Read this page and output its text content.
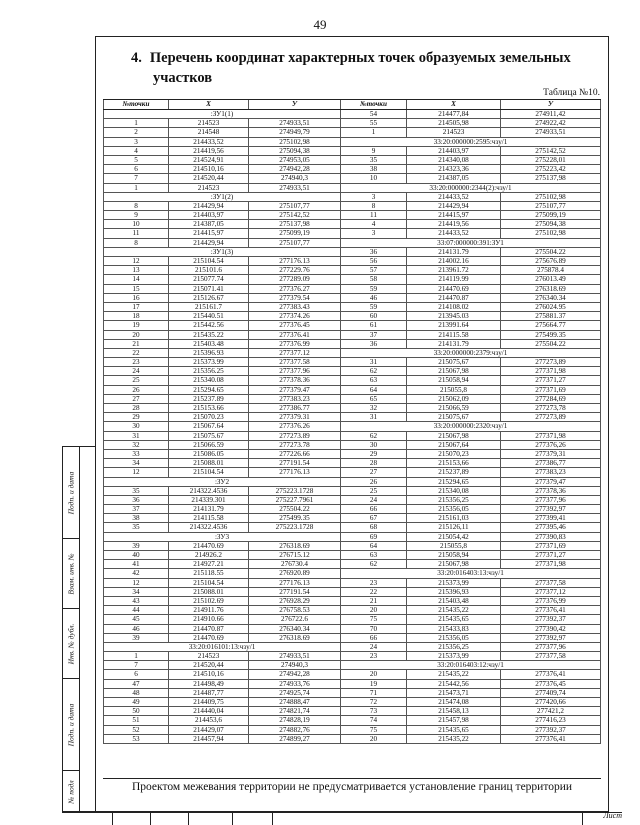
49
4. Перечень координат характерных точек образуемых земельных
участков
Таблица №10.
№точки	X	У	№точки	X	У
:ЗУ1(1)	54	214477,84	274911,42
1	214523	274933,51	55	214505,98	274922,42
2	214548	274949,79	1	214523	274933,51
3	214433,52	275102,98	33:20:000000:2595:чзу/1
4	214419,56	275094,38	9	214403,97	275142,52
5	214524,91	274953,05	35	214340,08	275228,01
6	214510,16	274942,28	38	214323,36	275223,42
7	214520,44	274940,3	10	214387,05	275137,98
1	214523	274933,51	33:20:000000:2344(2):чзу/1
:ЗУ1(2)	3	214433,52	275102,98
8	214429,94	275107,77	8	214429,94	275107,77
9	214403,97	275142,52	11	214415,97	275099,19
10	214387,05	275137,98	4	214419,56	275094,38
11	214415,97	275099,19	3	214433,52	275102,98
8	214429,94	275107,77	33:07:000000:391:ЗУ1
:ЗУ1(3)	36	214131.79	275504.22
12	215104.54	277176.13	56	214002.16	275676.89
13	215101.6	277229.76	57	213961.72	275878.4
14	215077.74	277289.09	58	214119.99	276013.49
15	215071.41	277376.27	59	214470.69	276318.69
16	215126.67	277379.54	46	214470.87	276340.34
17	215161.7	277383.43	59	214108.02	276024.95
18	215440.51	277374.26	60	213945.03	275881.37
19	215442.56	277376.45	61	213991.64	275664.77
20	215435.22	277376.41	37	214115.58	275499.35
21	215403.48	277376.99	36	214131.79	275504.22
22	215396.93	277377.12	33:20:000000:2379:чзу/1
23	215373.99	277377.58	31	215075,67	277273,89
24	215356.25	277377.96	62	215067,98	277371,98
25	215340.08	277378.36	63	215058,94	277371,27
26	215294.65	277379.47	64	215055,8	277371,69
27	215237.89	277383.23	65	215062,09	277284,69
28	215153.66	277386.77	32	215066,59	277273,78
29	215070.23	277379.31	31	215075,67	277273,89
30	215067.64	277376.26	33:20:000000:2320:чзу/1
31	215075.67	277273.89	62	215067,98	277371,98
32	215066.59	277273.78	30	215067,64	277376,26
33	215086.05	277226.66	29	215070,23	277379,31
34	215088.01	277191.54	28	215153,66	277386,77
12	215104.54	277176.13	27	215237,89	277383,23
:ЗУ2	26	215294,65	277379,47
35	214322.4536	275223.1728	25	215340,08	277378,36
36	214339.301	275227.7961	24	215356,25	277377,96
37	214131.79	275504.22	66	215356,05	277392,97
38	214115.58	275499.35	67	215161,03	277399,41
35	214322.4536	275223.1728	68	215126,11	277395,46
:ЗУ3	69	215054,42	277390,83
39	214470.69	276318.69	64	215055,8	277371,69
40	214926.2	276715.12	63	215058,94	277371,27
41	214927.21	276730.4	62	215067,98	277371,98
42	215118.55	276920.89	33:20:016403:13:чзу/1
12	215104.54	277176.13	23	215373,99	277377,58
34	215088.01	277191.54	22	215396,93	277377,12
43	215102.69	276928.29	21	215403,48	277376,99
44	214911.76	276758.53	20	215435,22	277376,41
45	214910.66	276722.6	75	215435,65	277392,37
46	214470.87	276340.34	70	215433,83	277390,42
39	214470.69	276318.69	66	215356,05	277392,97
33:20:016101:13:чзу/1	24	215356,25	277377,96
1	214523	274933,51	23	215373,99	277377,58
7	214520,44	274940,3	33:20:016403:12:чзу/1
6	214510,16	274942,28	20	215435,22	277376,41
47	214498,49	274933,76	19	215442,56	277376,45
48	214487,77	274925,74	71	215473,71	277409,74
49	214409,75	274888,47	72	215474,08	277420,66
50	214440,04	274821,74	73	215458,13	277421,2
51	214453,6	274828,19	74	215457,98	277416,23
52	214429,07	274882,76	75	215435,65	277392,37
53	214457,94	274899,27	20	215435,22	277376,41
Проектом межевания территории не предусматривается установление границ территории
Подп. и дата
Взам. инв. №
Инв. № дубл.
Подп. и дата
№ подл
Лист
